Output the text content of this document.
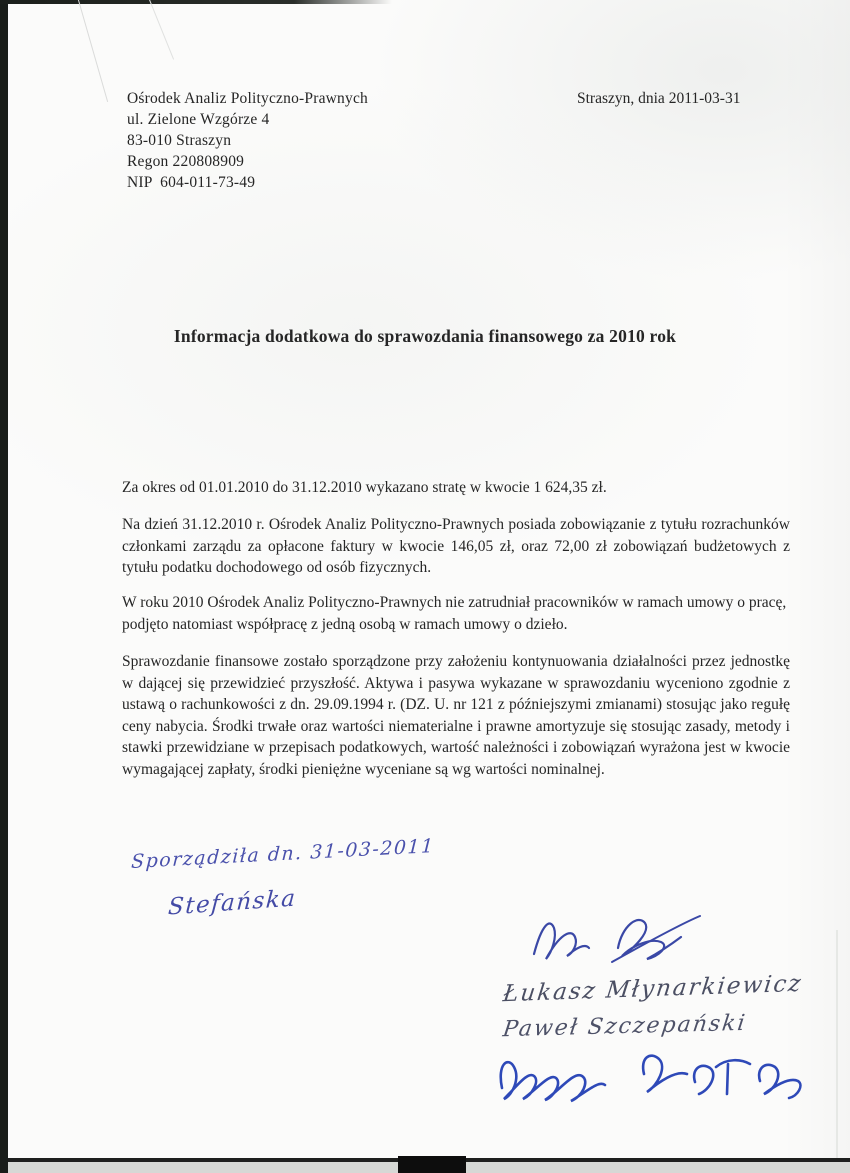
Ośrodek Analiz Polityczno-Prawnych
ul. Zielone Wzgórze 4
83-010 Straszyn
Regon 220808909
NIP  604-011-73-49
Straszyn, dnia 2011-03-31
Informacja dodatkowa do sprawozdania finansowego za 2010 rok
Za okres od 01.01.2010 do 31.12.2010 wykazano stratę w kwocie 1 624,35 zł.
Na dzień 31.12.2010 r. Ośrodek Analiz Polityczno-Prawnych posiada zobowiązanie z tytułu rozrachunków członkami zarządu za opłacone faktury w kwocie 146,05 zł, oraz 72,00 zł zobowiązań budżetowych z tytułu podatku dochodowego od osób fizycznych.
W roku 2010 Ośrodek Analiz Polityczno-Prawnych nie zatrudniał pracowników w ramach umowy o pracę, podjęto natomiast współpracę z jedną osobą w ramach umowy o dzieło.
Sprawozdanie finansowe zostało sporządzone przy założeniu kontynuowania działalności przez jednostkę w dającej się przewidzieć przyszłość. Aktywa i pasywa wykazane w sprawozdaniu wyceniono zgodnie z ustawą o rachunkowości z dn. 29.09.1994 r. (DZ. U. nr 121 z późniejszymi zmianami) stosując jako regułę ceny nabycia. Środki trwałe oraz wartości niematerialne i prawne amortyzuje się stosując zasady, metody i stawki przewidziane w przepisach podatkowych, wartość należności i zobowiązań wyrażona jest w kwocie wymagającej zapłaty, środki pieniężne wyceniane są wg wartości nominalnej.
Sporządziła dn. 31-03-2011
Stefańska
Łukasz Młynarkiewicz
Paweł Szczepański
